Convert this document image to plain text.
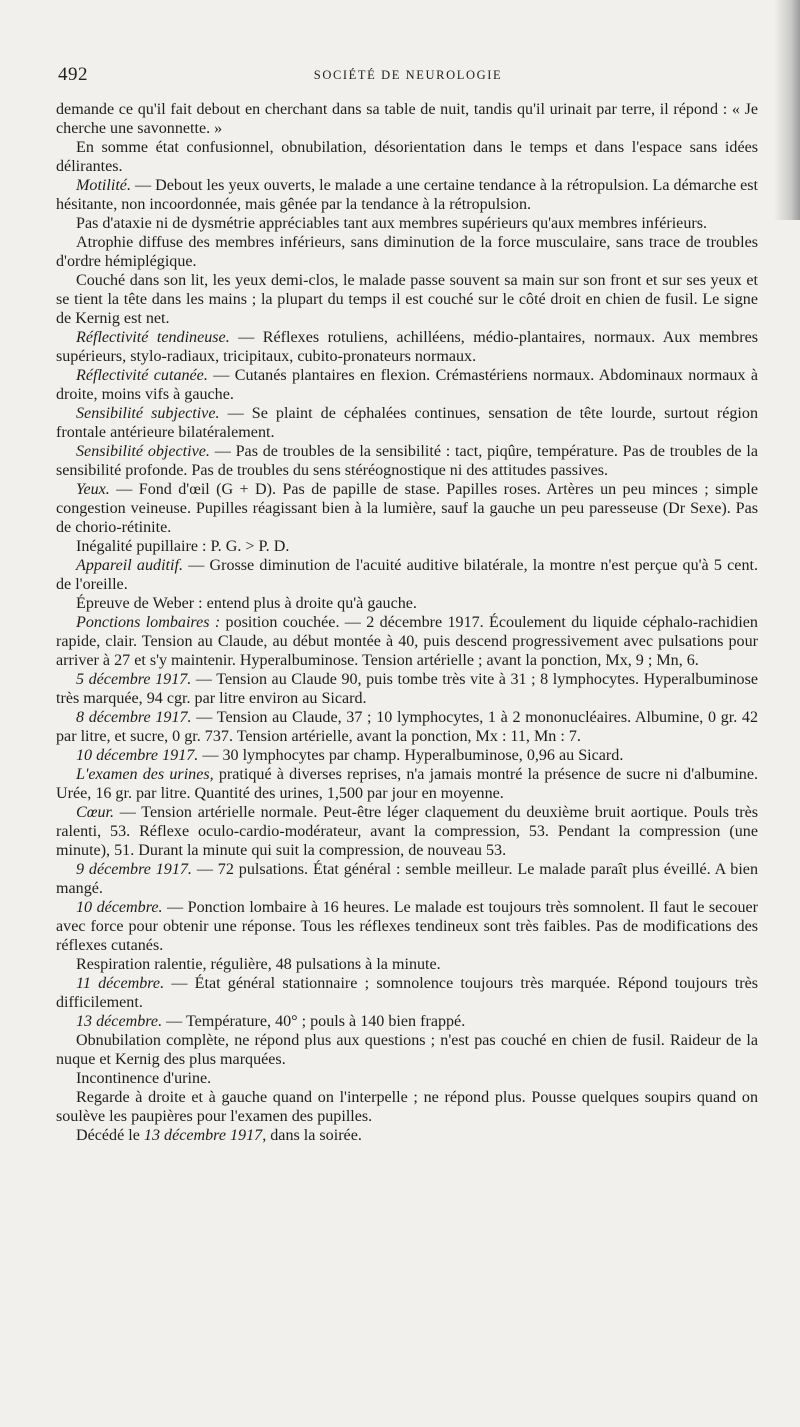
492	SOCIÉTÉ DE NEUROLOGIE

demande ce qu'il fait debout en cherchant dans sa table de nuit, tandis qu'il urinait par terre, il répond : « Je cherche une savonnette. »

En somme état confusionnel, obnubilation, désorientation dans le temps et dans l'espace sans idées délirantes.

Motilité. — Debout les yeux ouverts, le malade a une certaine tendance à la rétropulsion. La démarche est hésitante, non incoordonnée, mais gênée par la tendance à la rétropulsion.

Pas d'ataxie ni de dysmétrie appréciables tant aux membres supérieurs qu'aux membres inférieurs.

Atrophie diffuse des membres inférieurs, sans diminution de la force musculaire, sans trace de troubles d'ordre hémiplégique.

Couché dans son lit, les yeux demi-clos, le malade passe souvent sa main sur son front et sur ses yeux et se tient la tête dans les mains ; la plupart du temps il est couché sur le côté droit en chien de fusil. Le signe de Kernig est net.

Réflectivité tendineuse. — Réflexes rotuliens, achilléens, médio-plantaires, normaux. Aux membres supérieurs, stylo-radiaux, tricipitaux, cubito-pronateurs normaux.

Réflectivité cutanée. — Cutanés plantaires en flexion. Crémastériens normaux. Abdominaux normaux à droite, moins vifs à gauche.

Sensibilité subjective. — Se plaint de céphalées continues, sensation de tête lourde, surtout région frontale antérieure bilatéralement.

Sensibilité objective. — Pas de troubles de la sensibilité : tact, piqûre, température. Pas de troubles de la sensibilité profonde. Pas de troubles du sens stéréognostique ni des attitudes passives.

Yeux. — Fond d'œil (G + D). Pas de papille de stase. Papilles roses. Artères un peu minces ; simple congestion veineuse. Pupilles réagissant bien à la lumière, sauf la gauche un peu paresseuse (Dr Sexe). Pas de chorio-rétinite.

Inégalité pupillaire : P. G. > P. D.

Appareil auditif. — Grosse diminution de l'acuité auditive bilatérale, la montre n'est perçue qu'à 5 cent. de l'oreille.

Épreuve de Weber : entend plus à droite qu'à gauche.

Ponctions lombaires : position couchée. — 2 décembre 1917. Écoulement du liquide céphalo-rachidien rapide, clair. Tension au Claude, au début montée à 40, puis descend progressivement avec pulsations pour arriver à 27 et s'y maintenir. Hyperalbuminose. Tension artérielle ; avant la ponction, Mx, 9 ; Mn, 6.

5 décembre 1917. — Tension au Claude 90, puis tombe très vite à 31 ; 8 lymphocytes. Hyperalbuminose très marquée, 94 cgr. par litre environ au Sicard.

8 décembre 1917. — Tension au Claude, 37 ; 10 lymphocytes, 1 à 2 mononucléaires. Albumine, 0 gr. 42 par litre, et sucre, 0 gr. 737. Tension artérielle, avant la ponction, Mx : 11, Mn : 7.

10 décembre 1917. — 30 lymphocytes par champ. Hyperalbuminose, 0,96 au Sicard.

L'examen des urines, pratiqué à diverses reprises, n'a jamais montré la présence de sucre ni d'albumine. Urée, 16 gr. par litre. Quantité des urines, 1,500 par jour en moyenne.

Cœur. — Tension artérielle normale. Peut-être léger claquement du deuxième bruit aortique. Pouls très ralenti, 53. Réflexe oculo-cardio-modérateur, avant la compression, 53. Pendant la compression (une minute), 51. Durant la minute qui suit la compression, de nouveau 53.

9 décembre 1917. — 72 pulsations. État général : semble meilleur. Le malade paraît plus éveillé. A bien mangé.

10 décembre. — Ponction lombaire à 16 heures. Le malade est toujours très somnolent. Il faut le secouer avec force pour obtenir une réponse. Tous les réflexes tendineux sont très faibles. Pas de modifications des réflexes cutanés.

Respiration ralentie, régulière, 48 pulsations à la minute.

11 décembre. — État général stationnaire ; somnolence toujours très marquée. Répond toujours très difficilement.

13 décembre. — Température, 40° ; pouls à 140 bien frappé.

Obnubilation complète, ne répond plus aux questions ; n'est pas couché en chien de fusil. Raideur de la nuque et Kernig des plus marquées.

Incontinence d'urine.

Regarde à droite et à gauche quand on l'interpelle ; ne répond plus. Pousse quelques soupirs quand on soulève les paupières pour l'examen des pupilles.

Décédé le 13 décembre 1917, dans la soirée.
